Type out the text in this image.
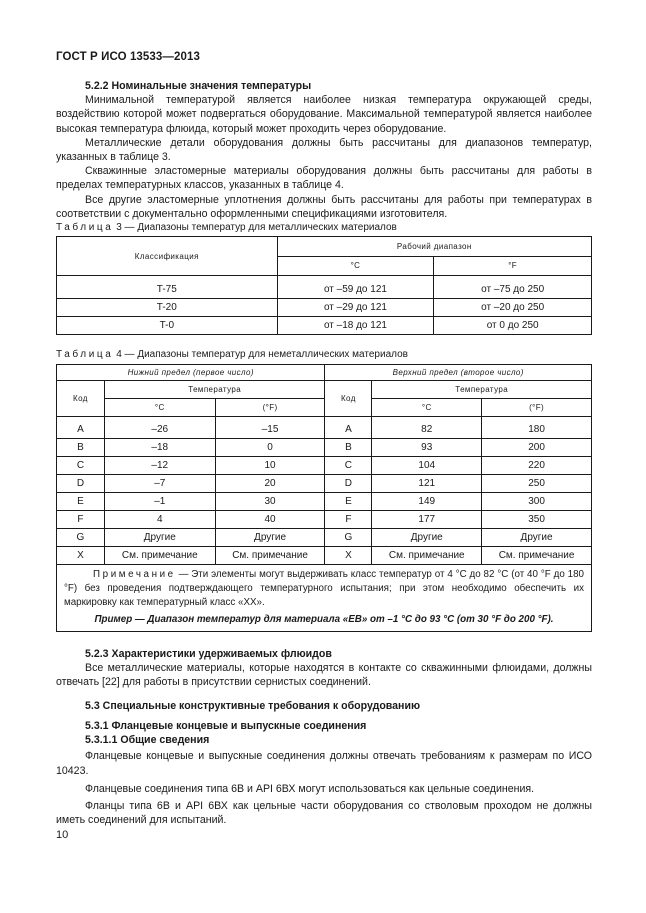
ГОСТ Р ИСО 13533—2013

5.2.2 Номинальные значения температуры

Минимальной температурой является наиболее низкая температура окружающей среды, воздействию которой может подвергаться оборудование. Максимальной температурой является наиболее высокая температура флюида, который может проходить через оборудование.

Металлические детали оборудования должны быть рассчитаны для диапазонов температур, указанных в таблице 3.

Скважинные эластомерные материалы оборудования должны быть рассчитаны для работы в пределах температурных классов, указанных в таблице 4.

Все другие эластомерные уплотнения должны быть рассчитаны для работы при температурах в соответствии с документально оформленными спецификациями изготовителя.

Таблица 3 — Диапазоны температур для металлических материалов
Классификация	Рабочий диапазон	
	°C	°F

T-75	от –59 до 121	от –75 до 250
T-20	от –29 до 121	от –20 до 250
T-0	от –18 до 121	от 0 до 250
Таблица 4 — Диапазоны температур для неметаллических материалов
Нижний предел (первое число)			Верхний предел (второе число)		
Код	Температура		Код	Температура	
	°C	(°F)		°C	(°F)

A	–26	–15	A	82	180
B	–18	0	B	93	200
C	–12	10	C	104	220
D	–7	20	D	121	250
E	–1	30	E	149	300
F	4	40	F	177	350
G	Другие	Другие	G	Другие	Другие
X	См. примечание	См. примечание	X	См. примечание	См. примечание

Примечание — Эти элементы могут выдерживать класс температур от 4 °С до 82 °С (от 40 °F до 180 °F) без проведения подтверждающего температурного испытания; при этом необходимо обеспечить их маркировку как температурный класс «XX».					

Пример — Диапазон температур для материала «EB» от –1 °С до 93 °С (от 30 °F до 200 °F).					

5.2.3 Характеристики удерживаемых флюидов

Все металлические материалы, которые находятся в контакте со скважинными флюидами, должны отвечать [22] для работы в присутствии сернистых соединений.

5.3 Специальные конструктивные требования к оборудованию

5.3.1 Фланцевые концевые и выпускные соединения

5.3.1.1 Общие сведения

Фланцевые концевые и выпускные соединения должны отвечать требованиям к размерам по ИСО 10423.

Фланцевые соединения типа 6В и API 6ВХ могут использоваться как цельные соединения.

Фланцы типа 6В и API 6ВХ как цельные части оборудования со стволовым проходом не должны иметь соединений для испытаний.

10
